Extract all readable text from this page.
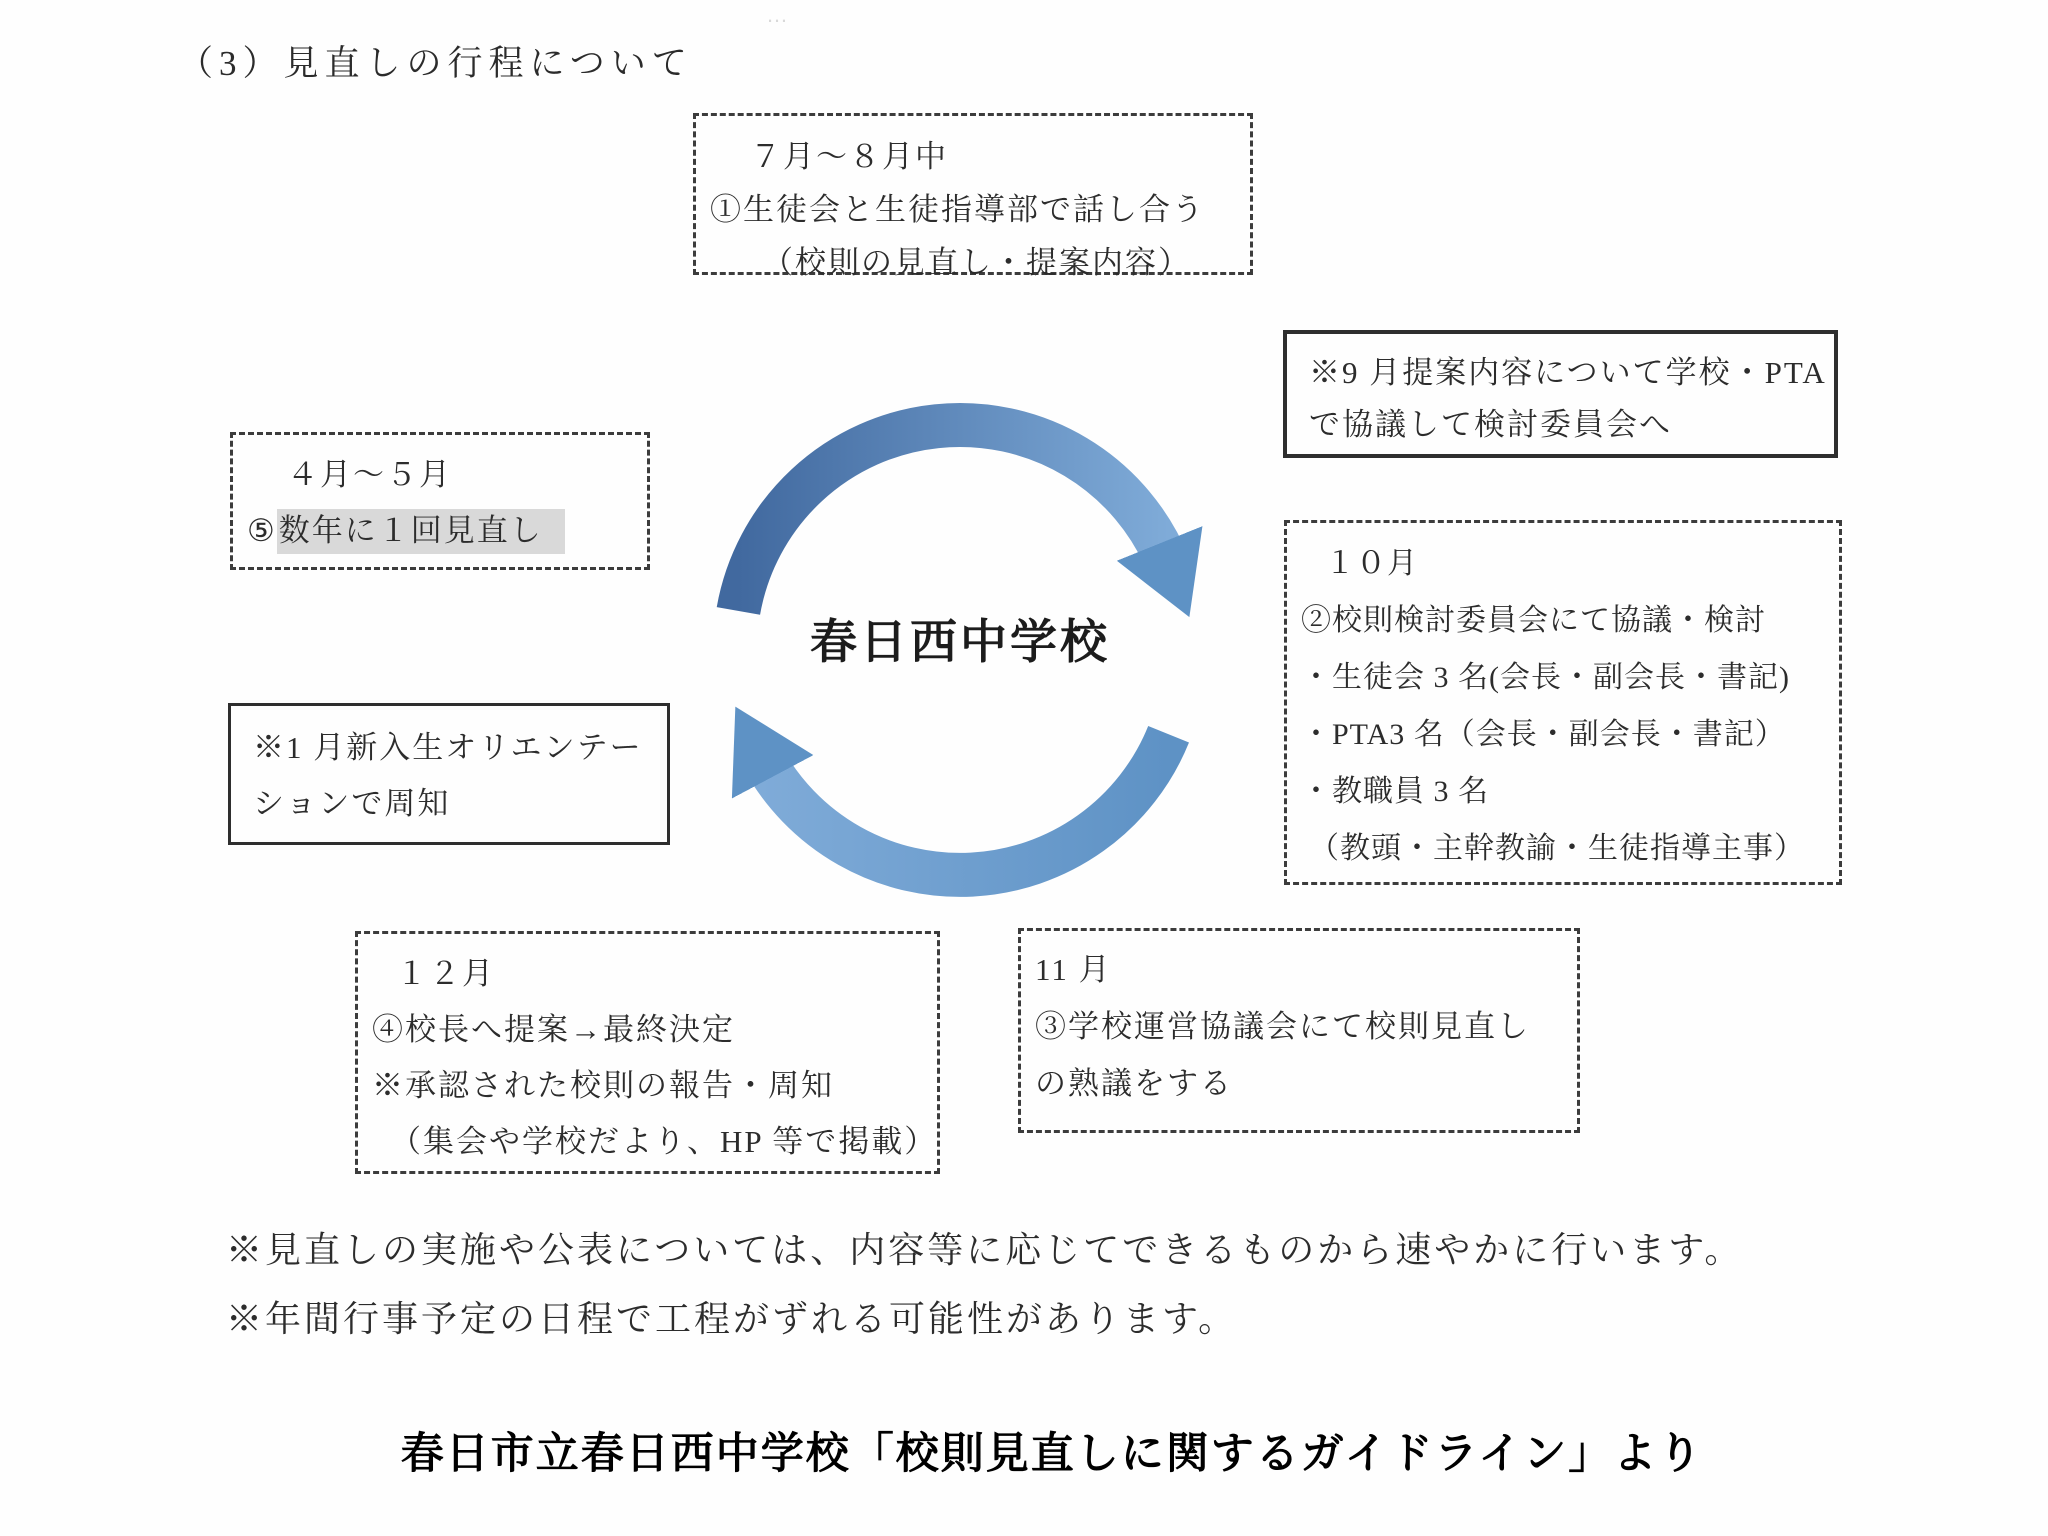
…
（3）見直しの行程について
春日西中学校
７月～８月中
①生徒会と生徒指導部で話し合う
（校則の見直し・提案内容）
※9 月提案内容について学校・PTA
で協議して検討委員会へ
４月～５月
⑤数年に１回見直し
１０月
②校則検討委員会にて協議・検討
・生徒会 3 名(会長・副会長・書記)
・PTA3 名（会長・副会長・書記）
・教職員 3 名
（教頭・主幹教諭・生徒指導主事）
※1 月新入生オリエンテー
ションで周知
１２月
④校長へ提案→最終決定
※承認された校則の報告・周知
（集会や学校だより、HP 等で掲載）
11 月
③学校運営協議会にて校則見直し
の熟議をする
※見直しの実施や公表については、内容等に応じてできるものから速やかに行います。
※年間行事予定の日程で工程がずれる可能性があります。
春日市立春日西中学校「校則見直しに関するガイドライン」より
